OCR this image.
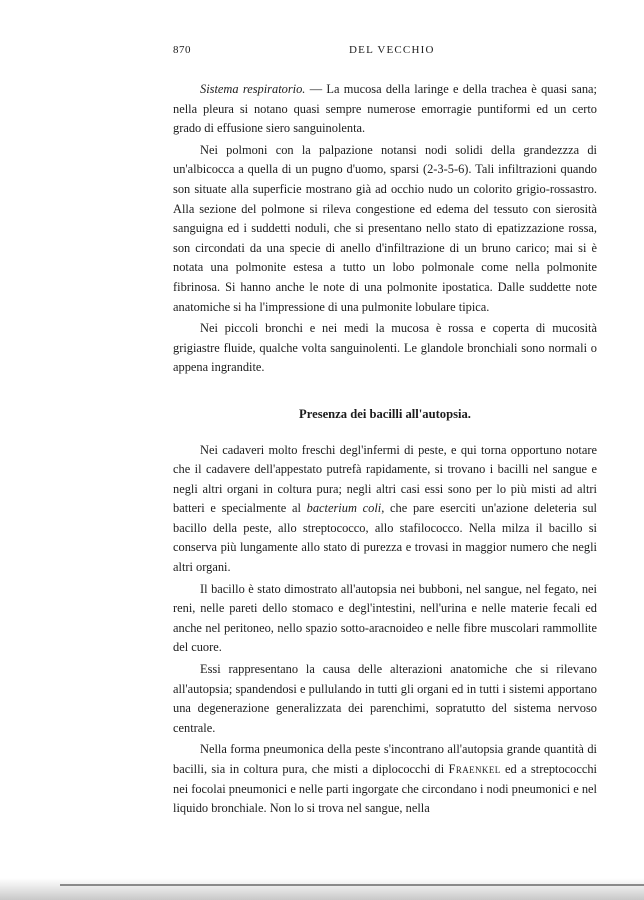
870	DEL VECCHIO

Sistema respiratorio. — La mucosa della laringe e della trachea è quasi sana; nella pleura si notano quasi sempre numerose emorragie puntiformi ed un certo grado di effusione siero sanguinolenta.

Nei polmoni con la palpazione notansi nodi solidi della grandezzza di un'albicocca a quella di un pugno d'uomo, sparsi (2-3-5-6). Tali infiltrazioni quando son situate alla superficie mostrano già ad occhio nudo un colorito grigio-rossastro. Alla sezione del polmone si rileva congestione ed edema del tessuto con sierosità sanguigna ed i suddetti noduli, che si presentano nello stato di epatizzazione rossa, son circondati da una specie di anello d'infiltrazione di un bruno carico; mai si è notata una polmonite estesa a tutto un lobo polmonale come nella polmonite fibrinosa. Si hanno anche le note di una polmonite ipostatica. Dalle suddette note anatomiche si ha l'impressione di una pulmonite lobulare tipica.

Nei piccoli bronchi e nei medi la mucosa è rossa e coperta di mucosità grigiastre fluide, qualche volta sanguinolenti. Le glandole bronchiali sono normali o appena ingrandite.

Presenza dei bacilli all'autopsia.

Nei cadaveri molto freschi degl'infermi di peste, e qui torna opportuno notare che il cadavere dell'appestato putrefà rapidamente, si trovano i bacilli nel sangue e negli altri organi in coltura pura; negli altri casi essi sono per lo più misti ad altri batteri e specialmente al bacterium coli, che pare eserciti un'azione deleteria sul bacillo della peste, allo streptococco, allo stafilococco. Nella milza il bacillo si conserva più lungamente allo stato di purezza e trovasi in maggior numero che negli altri organi.

Il bacillo è stato dimostrato all'autopsia nei bubboni, nel sangue, nel fegato, nei reni, nelle pareti dello stomaco e degl'intestini, nell'urina e nelle materie fecali ed anche nel peritoneo, nello spazio sotto-aracnoideo e nelle fibre muscolari rammollite del cuore.

Essi rappresentano la causa delle alterazioni anatomiche che si rilevano all'autopsia; spandendosi e pullulando in tutti gli organi ed in tutti i sistemi apportano una degenerazione generalizzata dei parenchimi, sopratutto del sistema nervoso centrale.

Nella forma pneumonica della peste s'incontrano all'autopsia grande quantità di bacilli, sia in coltura pura, che misti a diplococchi di Fraenkel ed a streptococchi nei focolai pneumonici e nelle parti ingorgate che circondano i nodi pneumonici e nel liquido bronchiale. Non lo si trova nel sangue, nella
